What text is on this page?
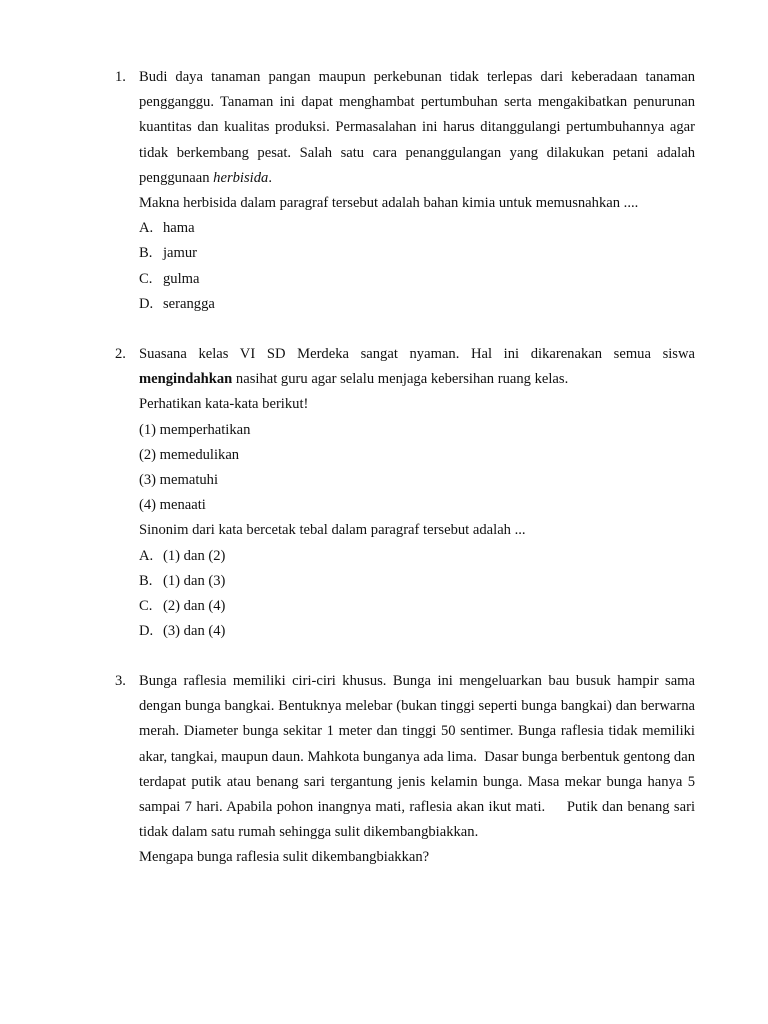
1. Budi daya tanaman pangan maupun perkebunan tidak terlepas dari keberadaan tanaman pengganggu. Tanaman ini dapat menghambat pertumbuhan serta mengakibatkan penurunan kuantitas dan kualitas produksi. Permasalahan ini harus ditanggulangi pertumbuhannya agar tidak berkembang pesat. Salah satu cara penanggulangan yang dilakukan petani adalah penggunaan herbisida.

Makna herbisida dalam paragraf tersebut adalah bahan kimia untuk memusnahkan ....

A. hama

B. jamur

C. gulma

D. serangga

2. Suasana kelas VI SD Merdeka sangat nyaman. Hal ini dikarenakan semua siswa mengindahkan nasihat guru agar selalu menjaga kebersihan ruang kelas.

Perhatikan kata-kata berikut!

(1) memperhatikan

(2) memedulikan

(3) mematuhi

(4) menaati

Sinonim dari kata bercetak tebal dalam paragraf tersebut adalah ...

A. (1) dan (2)

B. (1) dan (3)

C. (2) dan (4)

D. (3) dan (4)

3. Bunga raflesia memiliki ciri-ciri khusus. Bunga ini mengeluarkan bau busuk hampir sama dengan bunga bangkai. Bentuknya melebar (bukan tinggi seperti bunga bangkai) dan berwarna merah. Diameter bunga sekitar 1 meter dan tinggi 50 sentimer. Bunga raflesia tidak memiliki akar, tangkai, maupun daun. Mahkota bunganya ada lima.  Dasar bunga berbentuk gentong dan terdapat putik atau benang sari tergantung jenis kelamin bunga. Masa mekar bunga hanya 5 sampai 7 hari. Apabila pohon inangnya mati, raflesia akan ikut mati.     Putik dan benang sari tidak dalam satu rumah sehingga sulit dikembangbiakkan.

Mengapa bunga raflesia sulit dikembangbiakkan?
